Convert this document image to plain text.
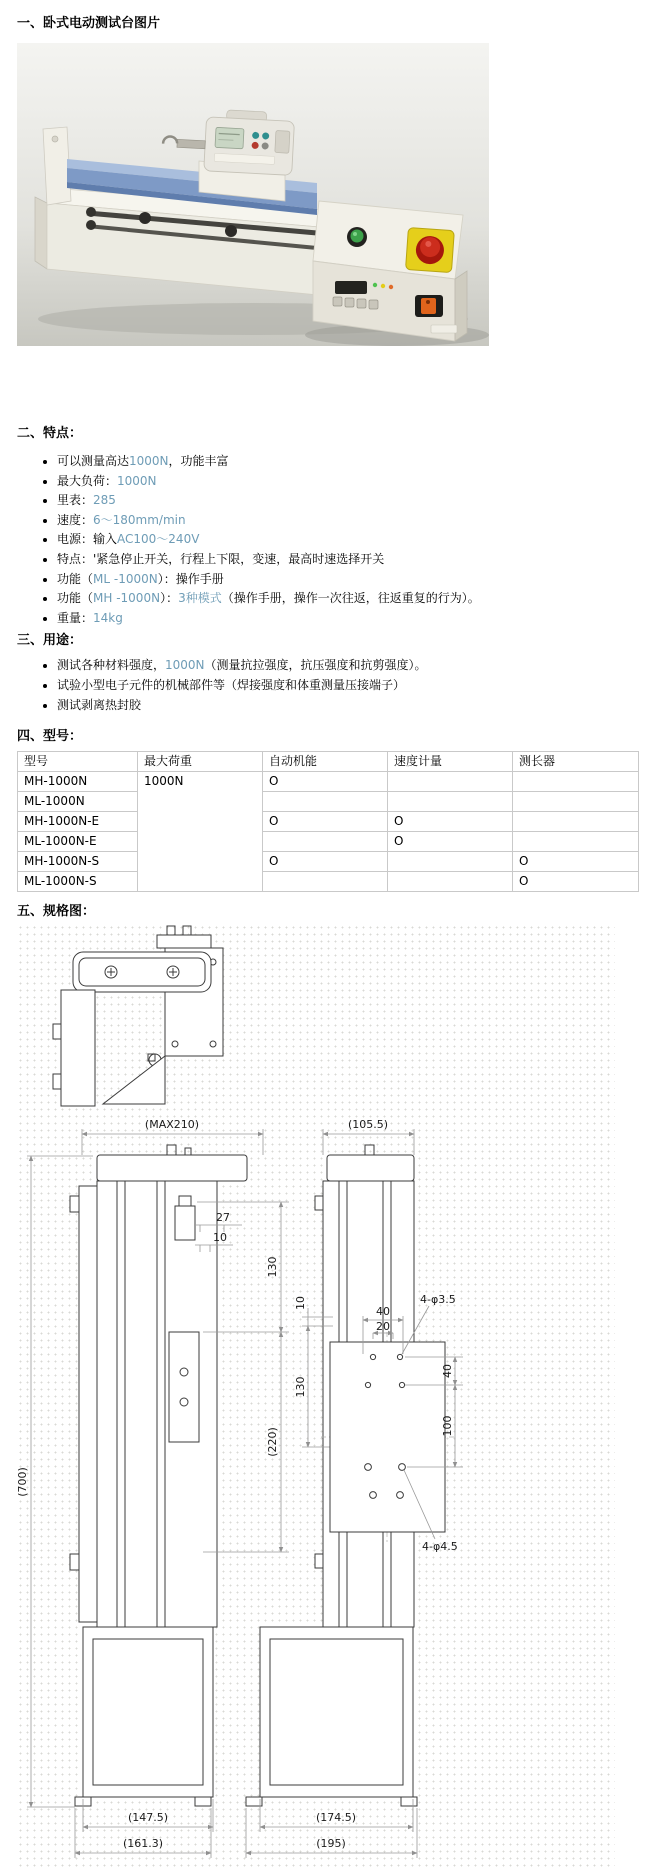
一、卧式电动测试台图片
二、特点：
• 可以测量高达1000N，功能丰富
• 最大负荷：1000N
• 里表：285
• 速度：6～180mm/min
• 电源：输入AC100～240V
• 特点：'紧急停止开关，行程上下限，变速，最高时速选择开关
• 功能（ML -1000N）：操作手册
• 功能（MH -1000N）：3种模式（操作手册，操作一次往返，往返重复的行为）。
• 重量：14kg
三、用途：
• 测试各种材料强度，1000N（测量抗拉强度，抗压强度和抗剪强度）。
• 试验小型电子元件的机械部件等（焊接强度和体重测量压接端子）
• 测试剥离热封胶
四、型号：
型号	最大荷重	自动机能	速度计量	测长器
MH-1000N	1000N	O		
ML-1000N				
MH-1000N-E		O	O	
ML-1000N-E			O	
MH-1000N-S		O		O
ML-1000N-S				O
五、规格图：
(MAX210)
(700)
27
10
130
(220)
(147.5)
(161.3)
(105.5)
10
130
40
20
4-φ3.5
40
100
4-φ4.5
(174.5)
(195)
